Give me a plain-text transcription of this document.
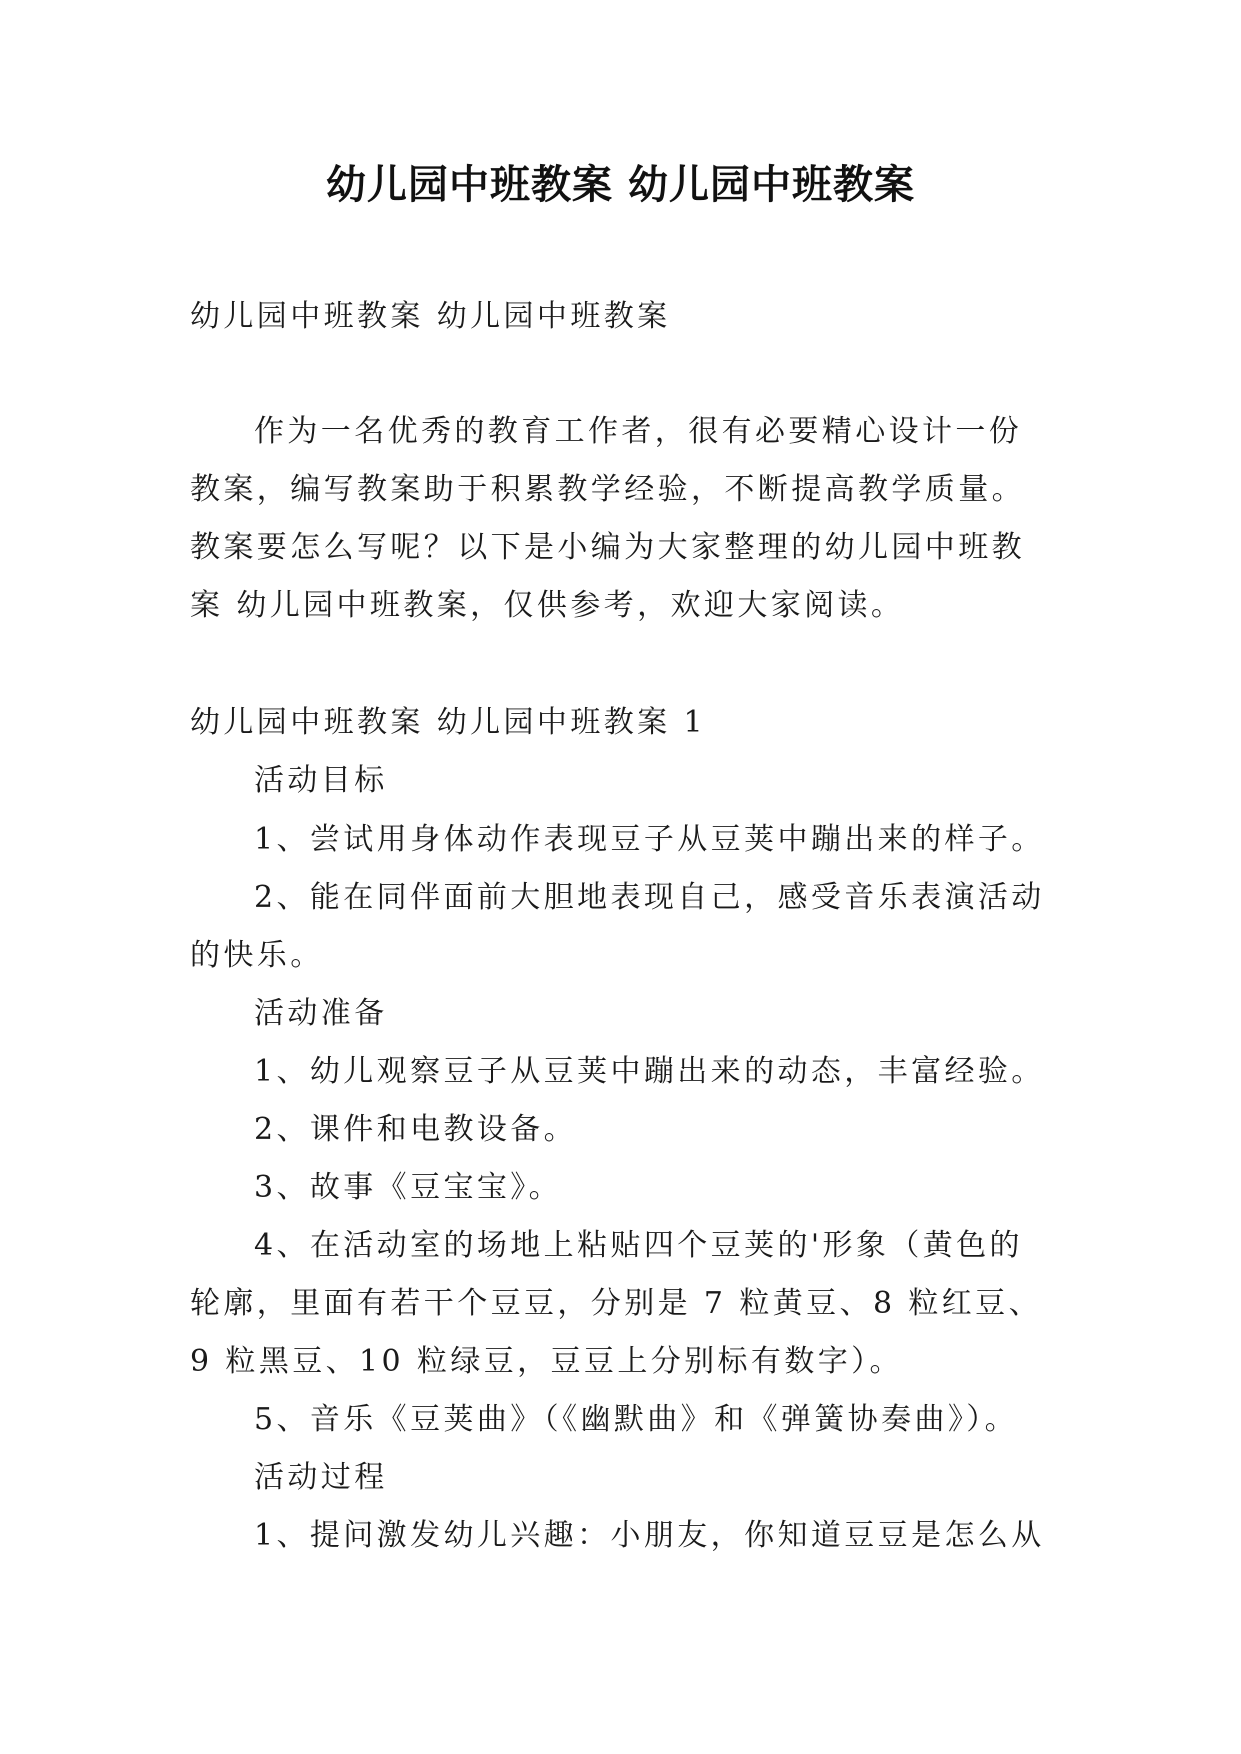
幼儿园中班教案 幼儿园中班教案

幼儿园中班教案 幼儿园中班教案

作为一名优秀的教育工作者，很有必要精心设计一份教案，编写教案助于积累教学经验，不断提高教学质量。教案要怎么写呢？以下是小编为大家整理的幼儿园中班教案 幼儿园中班教案，仅供参考，欢迎大家阅读。

幼儿园中班教案 幼儿园中班教案 1

活动目标

1、尝试用身体动作表现豆子从豆荚中蹦出来的样子。

2、能在同伴面前大胆地表现自己，感受音乐表演活动的快乐。

活动准备

1、幼儿观察豆子从豆荚中蹦出来的动态，丰富经验。

2、课件和电教设备。

3、故事《豆宝宝》。

4、在活动室的场地上粘贴四个豆荚的'形象（黄色的轮廓，里面有若干个豆豆，分别是 7 粒黄豆、8 粒红豆、9 粒黑豆、10 粒绿豆，豆豆上分别标有数字）。

5、音乐《豆荚曲》（《幽默曲》和《弹簧协奏曲》）。

活动过程

1、提问激发幼儿兴趣：小朋友，你知道豆豆是怎么从
